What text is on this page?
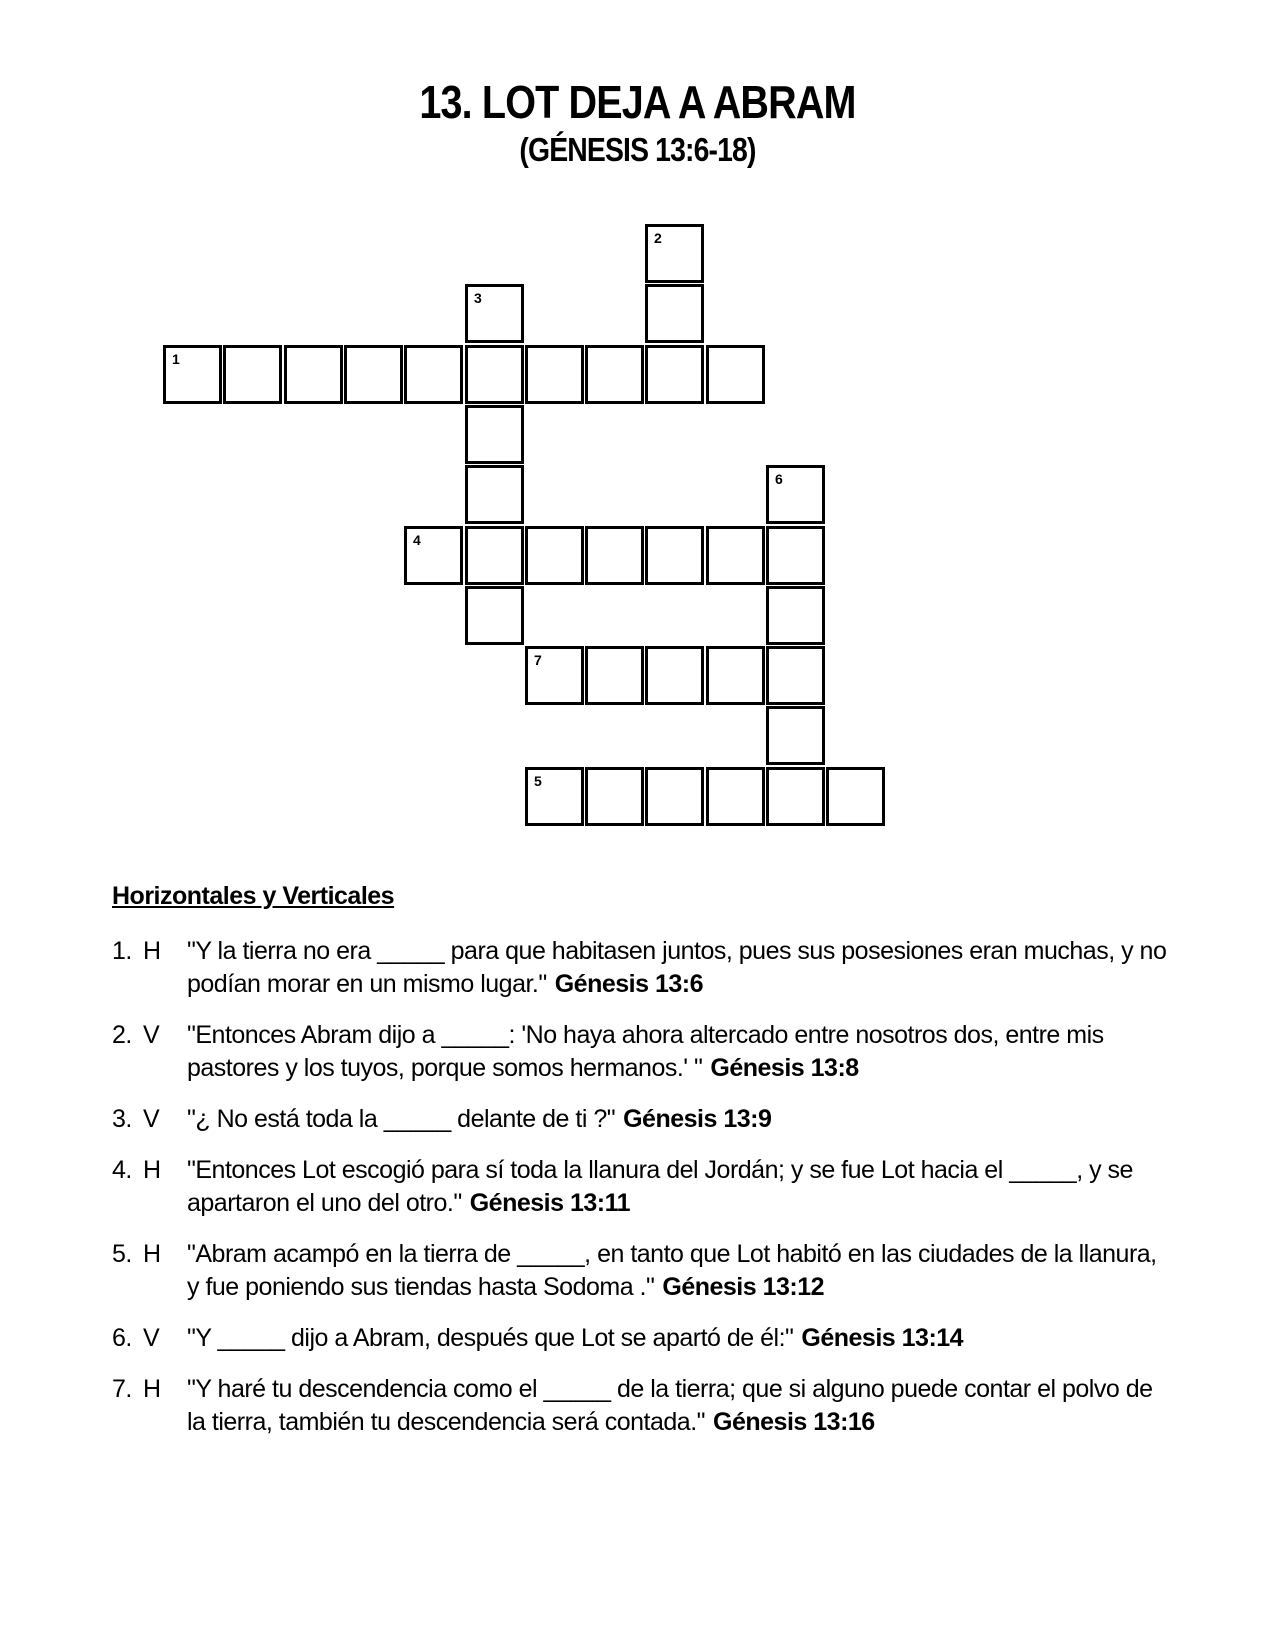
13. LOT DEJA A ABRAM
(GÉNESIS 13:6-18)
1
4
7
5
2
3
6
Horizontales y Verticales
1. H "Y la tierra no era _____ para que habitasen juntos, pues sus posesiones eran muchas, y no podían morar en un mismo lugar." Génesis 13:6
2. V "Entonces Abram dijo a _____: 'No haya ahora altercado entre nosotros dos, entre mis pastores y los tuyos, porque somos hermanos.' " Génesis 13:8
3. V "¿ No está toda la _____ delante de ti ?" Génesis 13:9
4. H "Entonces Lot escogió para sí toda la llanura del Jordán; y se fue Lot hacia el _____, y se apartaron el uno del otro." Génesis 13:11
5. H "Abram acampó en la tierra de _____, en tanto que Lot habitó en las ciudades de la llanura, y fue poniendo sus tiendas hasta Sodoma ." Génesis 13:12
6. V "Y _____ dijo a Abram, después que Lot se apartó de él:" Génesis 13:14
7. H "Y haré tu descendencia como el _____ de la tierra; que si alguno puede contar el polvo de la tierra, también tu descendencia será contada." Génesis 13:16
